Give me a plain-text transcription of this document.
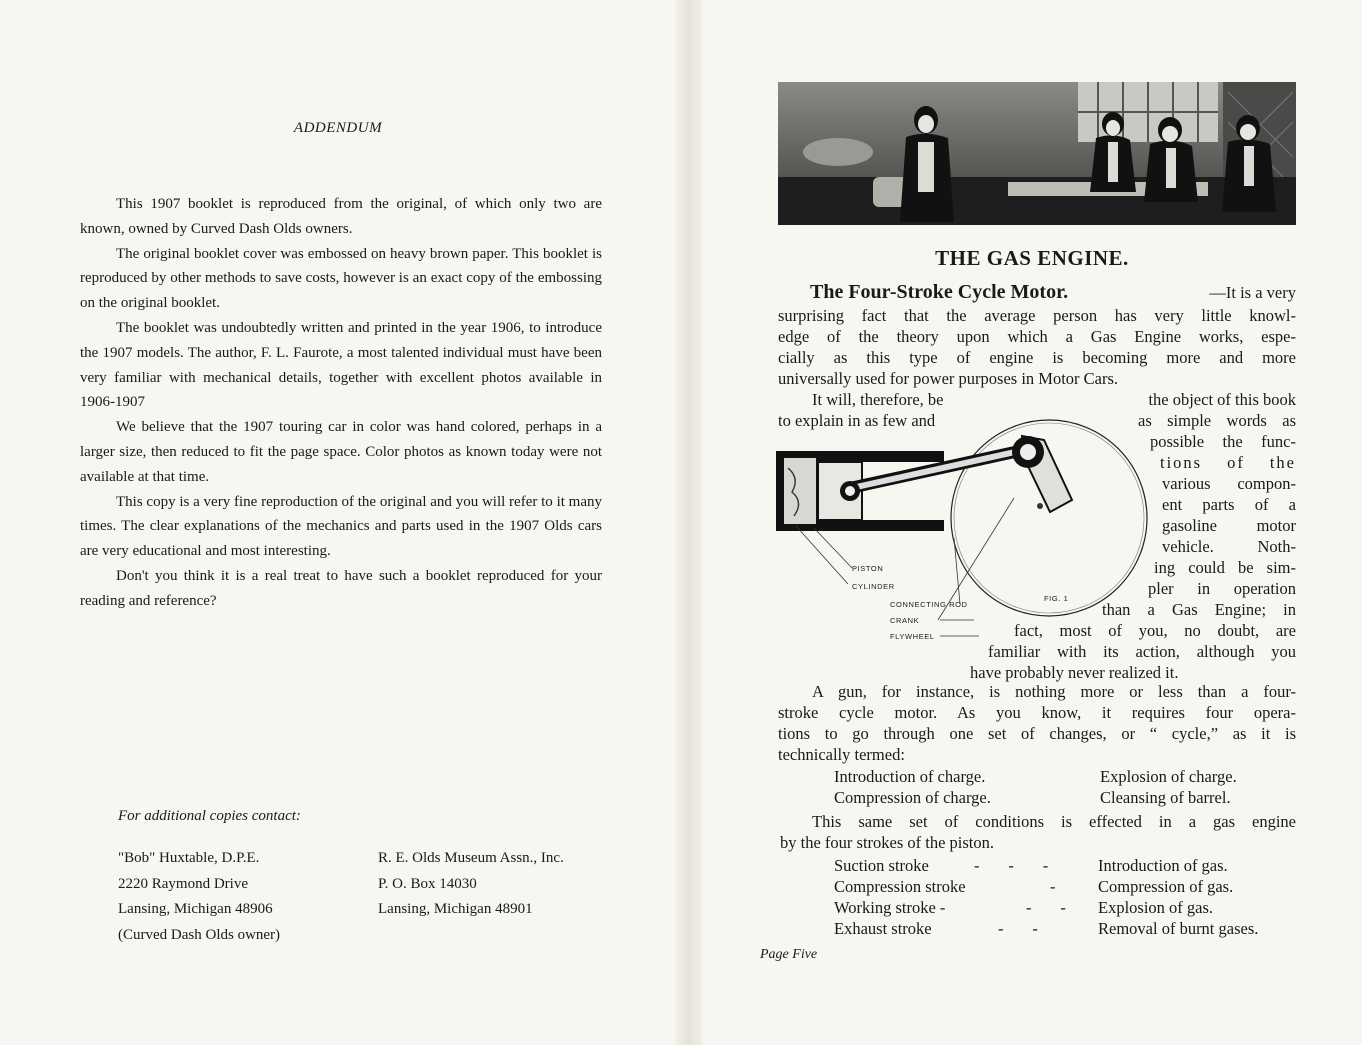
ADDENDUM

This 1907 booklet is reproduced from the original, of which only two are known, owned by Curved Dash Olds owners.

The original booklet cover was embossed on heavy brown paper. This booklet is reproduced by other methods to save costs, however is an exact copy of the embossing on the original booklet.

The booklet was undoubtedly written and printed in the year 1906, to introduce the 1907 models. The author, F. L. Faurote, a most talented individual must have been very familiar with mechanical details, together with excellent photos available in 1906-1907

We believe that the 1907 touring car in color was hand colored, perhaps in a larger size, then reduced to fit the page space. Color photos as known today were not available at that time.

This copy is a very fine reproduction of the original and you will refer to it many times. The clear explanations of the mechanics and parts used in the 1907 Olds cars are very educational and most interesting.

Don't you think it is a real treat to have such a booklet reproduced for your reading and reference?

For additional copies contact:
"Bob" Huxtable, D.P.E.
2220 Raymond Drive
Lansing, Michigan 48906
(Curved Dash Olds owner)
R. E. Olds Museum Assn., Inc.
P. O. Box 14030
Lansing, Michigan 48901
THE GAS ENGINE.
The Four-Stroke Cycle Motor.	—It is a very
surprising fact that the average person has very little knowl-
edge of the theory upon which a Gas Engine works, espe-
cially as this type of engine is becoming more and more
universally used for power purposes in Motor Cars.
It will, therefore, be
to explain in as few and
the object of this book
as simple words as
possible the func-
tions of the
various compon-
ent parts of a
gasoline motor
vehicle. Noth-
ing could be sim-
pler in operation
than a Gas Engine; in
fact, most of you, no doubt, are
familiar with its action, although you
have probably never realized it.
PISTON
CYLINDER
CONNECTING ROD
CRANK
FLYWHEEL
FIG. 1
A gun, for instance, is nothing more or less than a four-
stroke cycle motor. As you know, it requires four opera-
tions to go through one set of changes, or “ cycle,” as it is
technically termed:
Introduction of charge.	Explosion of charge.
Compression of charge.	Cleansing of barrel.
This same set of conditions is effected in a gas engine
by the four strokes of the piston.
Suction stroke	-       -       -	Introduction of gas.
Compression stroke	-	Compression of gas.
Working stroke -	-       - Explosion of gas.
Exhaust stroke	-       -	Removal of burnt gases.
Page Five
